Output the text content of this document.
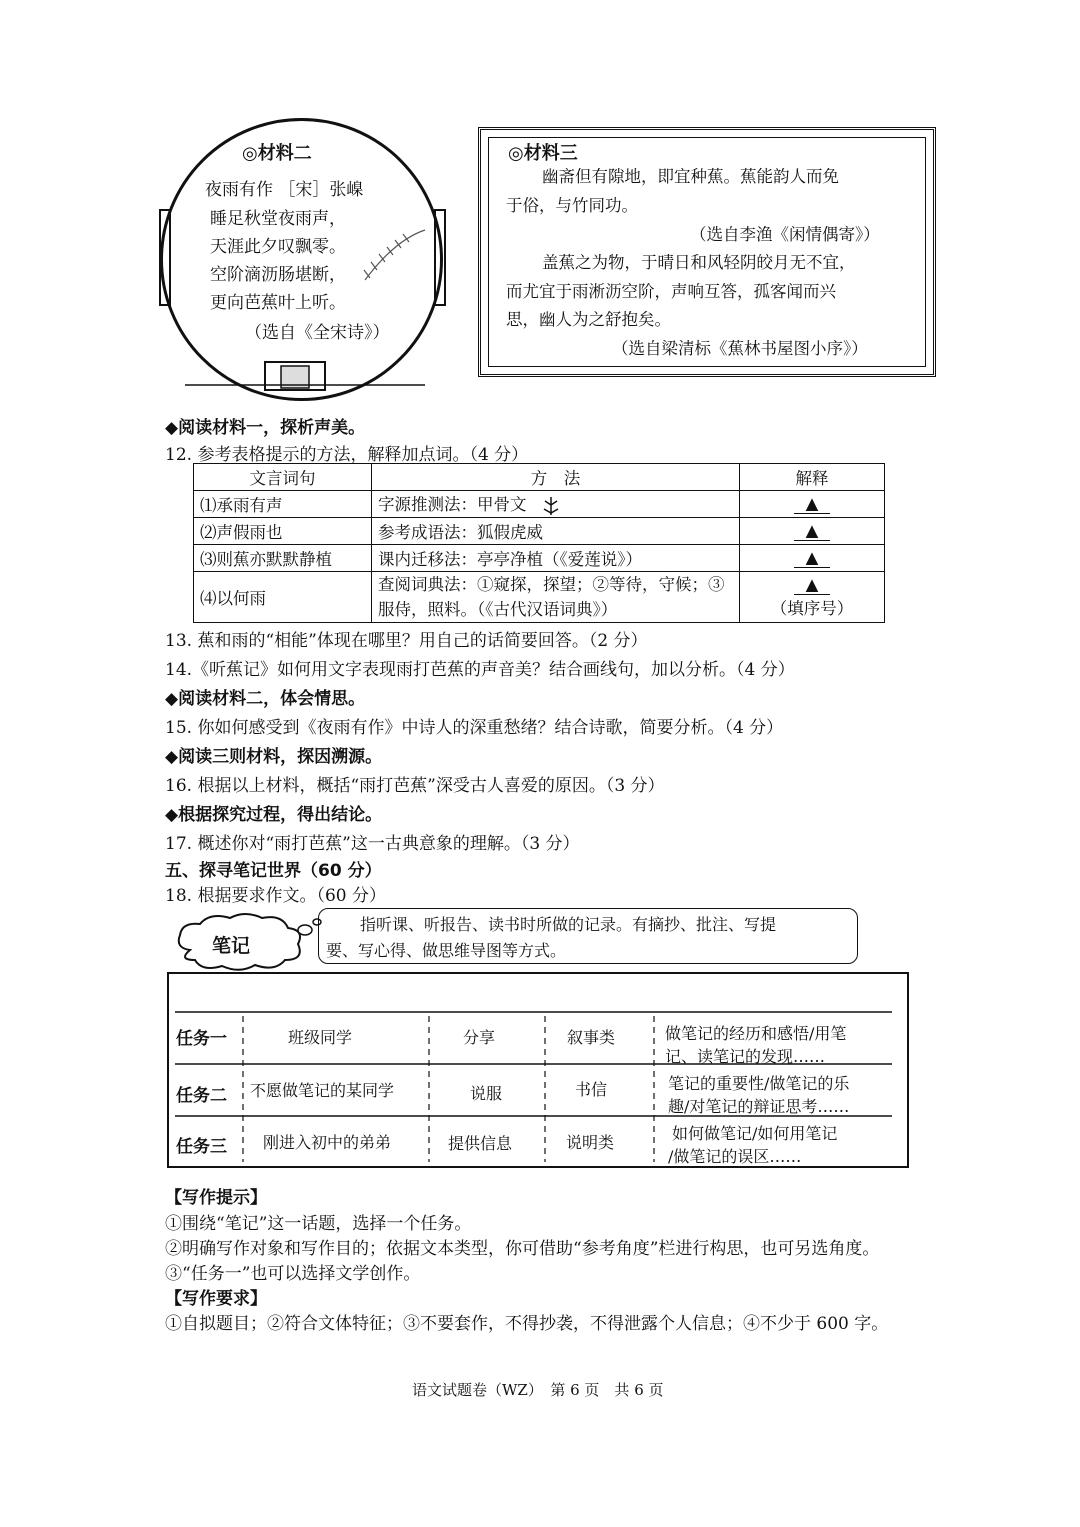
◎材料二
夜雨有作 ［宋］张嵲
睡足秋堂夜雨声，
天涯此夕叹飘零。
空阶滴沥肠堪断，
更向芭蕉叶上听。
（选自《全宋诗》）
◎材料三
幽斋但有隙地，即宜种蕉。蕉能韵人而免
于俗，与竹同功。
（选自李渔《闲情偶寄》）
盖蕉之为物，于晴日和风轻阴皎月无不宜，
而尤宜于雨淅沥空阶，声响互答，孤客闻而兴
思，幽人为之舒抱矣。
（选自梁清标《蕉林书屋图小序》）
◆阅读材料一，探析声美。
12. 参考表格提示的方法，解释加点词。（4 分）
文言词句	方　法	解释
⑴承雨有声	字源推测法：甲骨文	▲
⑵声假雨也	参考成语法：狐假虎威	▲
⑶则蕉亦默默静植	课内迁移法：亭亭净植（《爱莲说》）	▲
⑷以何雨	查阅词典法：①窥探，探望；②等待，守候；③服侍，照料。（《古代汉语词典》）	▲
（填序号）
13. 蕉和雨的“相能”体现在哪里？用自己的话简要回答。（2 分）
14.《听蕉记》如何用文字表现雨打芭蕉的声音美？结合画线句，加以分析。（4 分）
◆阅读材料二，体会情思。
15. 你如何感受到《夜雨有作》中诗人的深重愁绪？结合诗歌，简要分析。（4 分）
◆阅读三则材料，探因溯源。
16. 根据以上材料，概括“雨打芭蕉”深受古人喜爱的原因。（3 分）
◆根据探究过程，得出结论。
17. 概述你对“雨打芭蕉”这一古典意象的理解。（3 分）
五、探寻笔记世界（60 分）
18. 根据要求作文。（60 分）
笔记
指听课、听报告、读书时所做的记录。有摘抄、批注、写提
要、写心得、做思维导图等方式。
任务一	班级同学	分享	叙事类	做笔记的经历和感悟/用笔
记、读笔记的发现……
任务二 不愿做笔记的某同学	说服	书信	笔记的重要性/做笔记的乐
趣/对笔记的辩证思考……
任务三 刚进入初中的弟弟	提供信息	说明类	如何做笔记/如何用笔记
/做笔记的误区……
【写作提示】
①围绕“笔记”这一话题，选择一个任务。
②明确写作对象和写作目的；依据文本类型，你可借助“参考角度”栏进行构思，也可另选角度。
③“任务一”也可以选择文学创作。
【写作要求】
①自拟题目；②符合文体特征；③不要套作，不得抄袭，不得泄露个人信息；④不少于 600 字。
语文试题卷（WZ）　第 6 页　共 6 页
